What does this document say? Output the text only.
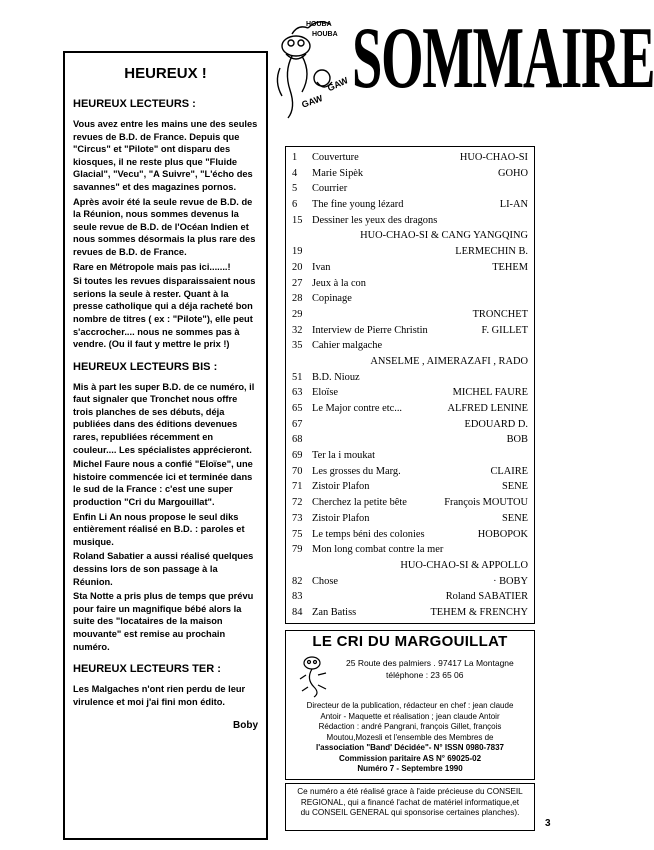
HEUREUX !
HEUREUX LECTEURS :

Vous avez entre les mains une des seules revues de B.D. de France. Depuis que "Circus" et "Pilote" ont disparu des kiosques, il ne reste plus que "Fluide Glacial", "Vecu", "A Suivre", "L'écho des savannes" et des magazines pornos.

Après avoir été la seule revue de B.D. de la Réunion, nous sommes devenus la seule revue de B.D. de l'Océan Indien et nous sommes désormais la plus rare des revues de B.D. de France.

Rare en Métropole mais pas ici.......!

Si toutes les revues disparaissaient nous serions la seule à rester. Quant à la presse catholique qui a déja racheté bon nombre de titres ( ex : "Pilote"), elle peut s'accrocher.... nous ne sommes pas à vendre. (Ou il faut y mettre le prix !)

HEUREUX LECTEURS BIS :

Mis à part les super B.D. de ce numéro, il faut signaler que Tronchet nous offre trois planches de ses débuts, déja publiées dans des éditions devenues rares, republiées récemment en couleur.... Les spécialistes apprécieront.

Michel Faure nous a confié "Eloïse", une histoire commencée ici et terminée dans le sud de la France : c'est une super production "Cri du Margouillat".

Enfin Li An nous propose le seul diks entièrement réalisé en B.D. : paroles et musique.

Roland Sabatier a aussi réalisé quelques dessins lors de son passage à la Réunion.

Sta Notte a pris plus de temps que prévu pour faire un magnifique bébé alors la suite des "locataires de la maison mouvante" est remise au prochain numéro.

HEUREUX LECTEURS TER :

Les Malgaches n'ont rien perdu de leur virulence et moi j'ai fini mon édito.

Boby
HOUBA
HOUBA
GAW
GAW SOMMAIRE
1	Couverture	HUO-CHAO-SI
4	Marie Sipèk	GOHO
5	Courrier
6	The fine young lézard	LI-AN
15 Dessiner les yeux des dragons
HUO-CHAO-SI & CANG YANGQING
19	LERMECHIN B.
20 Ivan	TEHEM
27 Jeux à la con
28 Copinage
29	TRONCHET
32 Interview de Pierre Christin	F. GILLET
35 Cahier malgache
ANSELME , AIMERAZAFI , RADO
51 B.D. Niouz
63 Eloïse	MICHEL FAURE
65 Le Major contre etc...	ALFRED LENINE
67	EDOUARD D.
68	BOB
69 Ter la i moukat
70 Les grosses du Marg.	CLAIRE
71 Zistoir Plafon	SENE
72 Cherchez la petite bête	François MOUTOU
73 Zistoir Plafon	SENE
75 Le temps béni des colonies	HOBOPOK
79 Mon long combat contre la mer
HUO-CHAO-SI & APPOLLO
82 Chose	· BOBY
83	Roland SABATIER
84 Zan Batiss	TEHEM & FRENCHY
LE CRI DU MARGOUILLAT
25 Route des palmiers . 97417 La Montagne
téléphone : 23 65 06
Directeur de la publication, rédacteur en chef : jean claude
Antoir - Maquette et réalisation ; jean claude Antoir
Rédaction : andré Pangrani, françois Gillet, françois
Moutou,Mozesli et l'ensemble des Membres de
l'association "Band' Décidée"- N° ISSN 0980-7837
Commission paritaire AS N° 69025-02
Numéro 7 - Septembre 1990
Ce numéro a été réalisé grace à l'aide précieuse du CONSEIL
REGIONAL, qui a financé l'achat de matériel informatique,et
du CONSEIL GENERAL qui sponsorise certaines planches).
3
